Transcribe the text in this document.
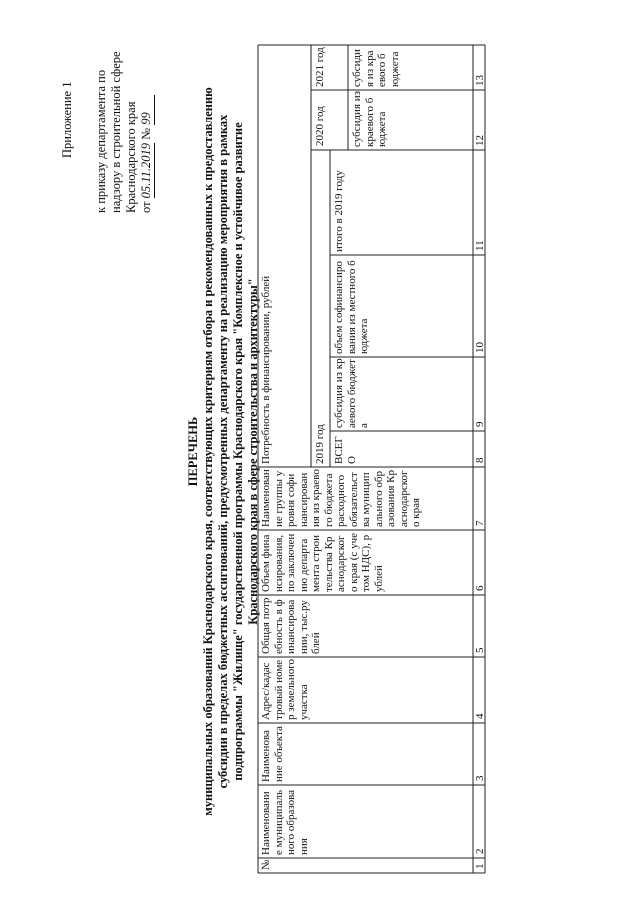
Приложение 1 к приказу департамента по надзору в строительной сфере Краснодарского края от 05.11.2019 № 99
ПЕРЕЧЕНЬ муниципальных образований Краснодарского края, соответствующих критериям отбора и рекомендованных к предоставлению субсидии в пределах бюджетных ассигнований, предусмотренных департаменту на реализацию мероприятия в рамках подпрограммы "Жилище" государственной программы Краснодарского края "Комплексное и устойчивое развитие Краснодарского края в сфере строительства и архитектуры"
№
Наименование муниципального образования
Наименование объекта
Адрес/кадастровый номер земельного участка
Общая потребность в финансировании, тыс.рублей
Объем финансирования, по заключению департамента строительства Краснодарского края (с учетом НДС), рублей
Наименование группы уровня софинансирования из краевого бюджета расходного обязательства муниципального образования Краснодарского края
Потребность в финансировании, рублей	2019 год
2020 год
2021 год
ВСЕГО
субсидия из краевого бюджета
объем софинансирования из местного бюджета
итого в 2019 году
субсидия из краевого бюджета
субсидия из краевого бюджета
1
2
3
4
5
6
7
8
9
10
11
12
13
